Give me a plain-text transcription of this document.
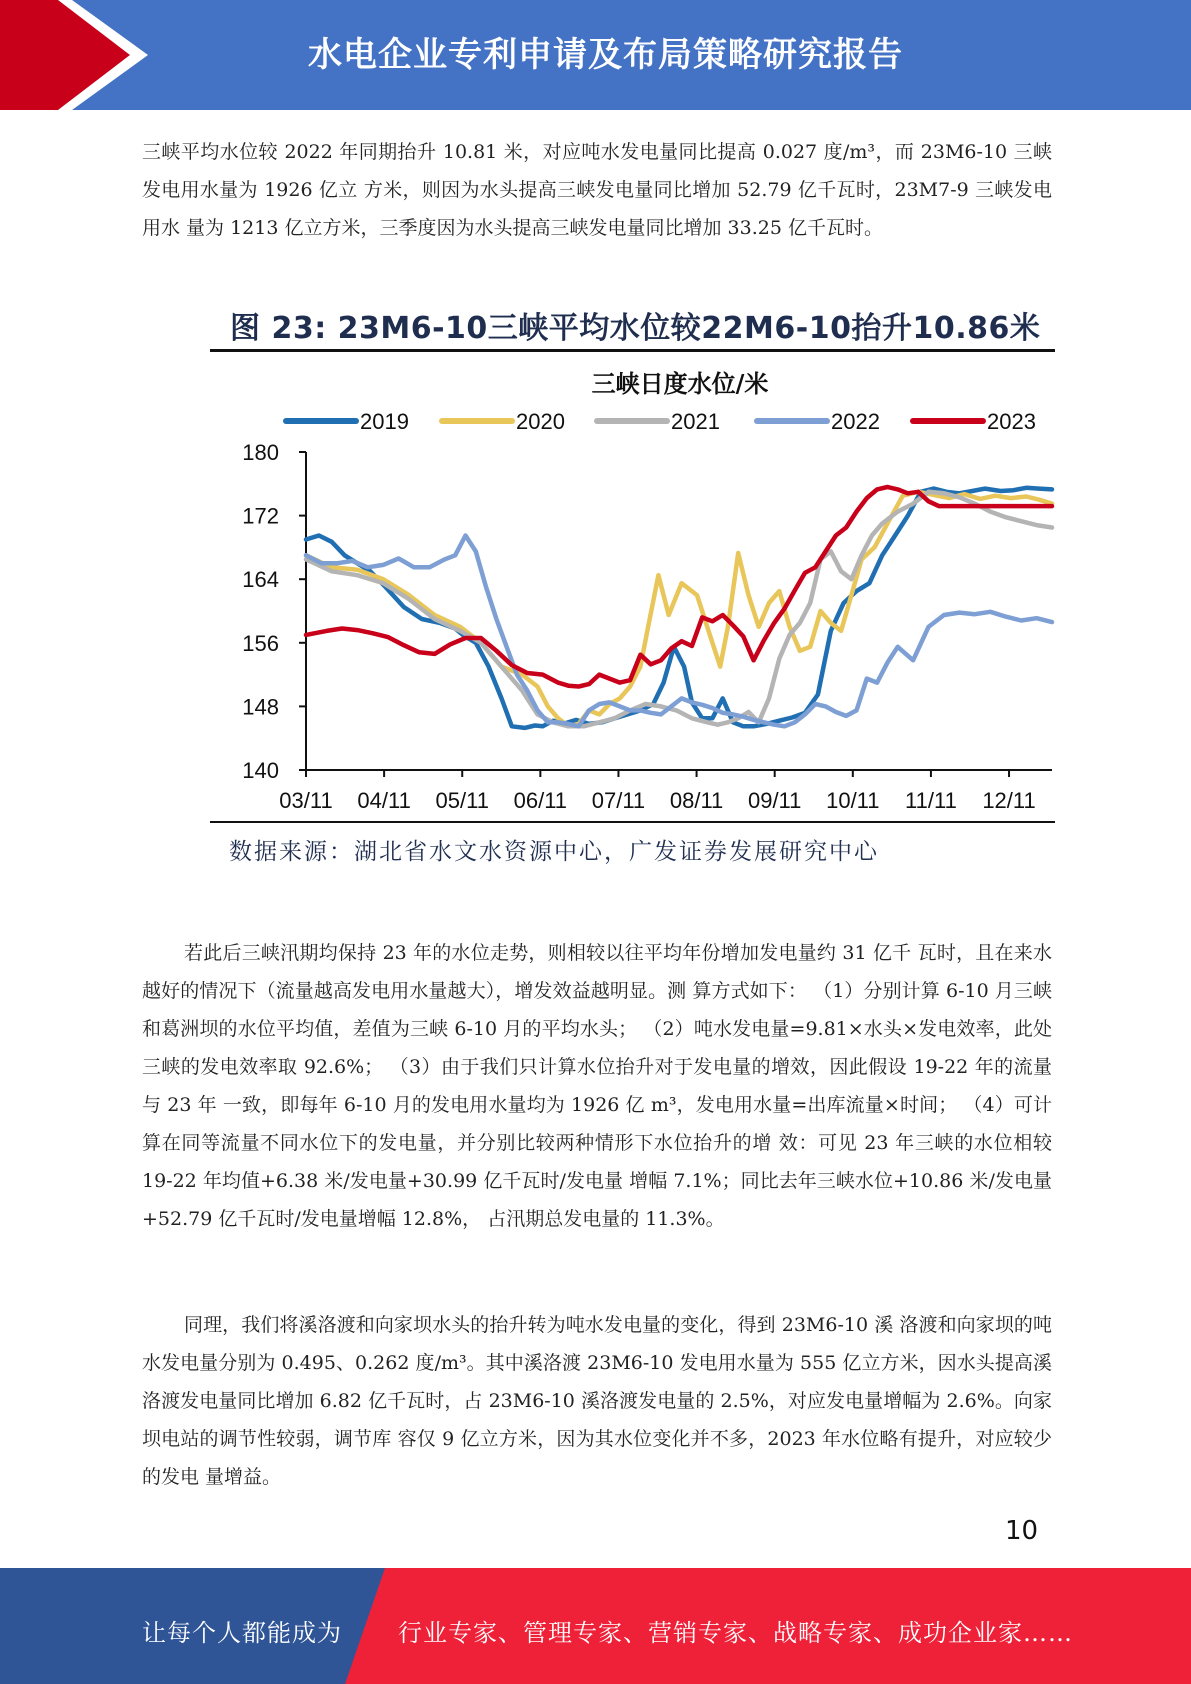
水电企业专利申请及布局策略研究报告

三峡平均水位较 2022 年同期抬升 10.81 米，对应吨水发电量同比提高 0.027 度/m³，而 23M6-10 三峡发电用水量为 1926 亿立 方米，则因为水头提高三峡发电量同比增加 52.79 亿千瓦时，23M7-9 三峡发电用水 量为 1213 亿立方米，三季度因为水头提高三峡发电量同比增加 33.25 亿千瓦时。

图 23: 23M6-10三峡平均水位较22M6-10抬升10.86米
三峡日度水位/米
2019	2020	2021	2022	2023
140
148
156
164
172
180
03/11 04/11 05/11 06/11 07/11 08/11 09/11 10/11 11/11 12/11
数据来源：湖北省水文水资源中心，广发证券发展研究中心

若此后三峡汛期均保持 23 年的水位走势，则相较以往平均年份增加发电量约 31 亿千 瓦时，且在来水越好的情况下（流量越高发电用水量越大），增发效益越明显。测 算方式如下： （1）分别计算 6-10 月三峡和葛洲坝的水位平均值，差值为三峡 6-10 月的平均水头； （2）吨水发电量=9.81×水头×发电效率，此处三峡的发电效率取 92.6%； （3）由于我们只计算水位抬升对于发电量的增效，因此假设 19-22 年的流量与 23 年 一致，即每年 6-10 月的发电用水量均为 1926 亿 m³，发电用水量=出库流量×时间； （4）可计算在同等流量不同水位下的发电量，并分别比较两种情形下水位抬升的增 效：可见 23 年三峡的水位相较 19-22 年均值+6.38 米/发电量+30.99 亿千瓦时/发电量 增幅 7.1%；同比去年三峡水位+10.86 米/发电量+52.79 亿千瓦时/发电量增幅 12.8%， 占汛期总发电量的 11.3%。

同理，我们将溪洛渡和向家坝水头的抬升转为吨水发电量的变化，得到 23M6-10 溪 洛渡和向家坝的吨水发电量分别为 0.495、0.262 度/m³。其中溪洛渡 23M6-10 发电用水量为 555 亿立方米，因水头提高溪洛渡发电量同比增加 6.82 亿千瓦时，占 23M6-10 溪洛渡发电量的 2.5%，对应发电量增幅为 2.6%。向家坝电站的调节性较弱，调节库 容仅 9 亿立方米，因为其水位变化并不多，2023 年水位略有提升，对应较少的发电 量增益。

10
让每个人都能成为 行业专家、管理专家、营销专家、战略专家、成功企业家……
